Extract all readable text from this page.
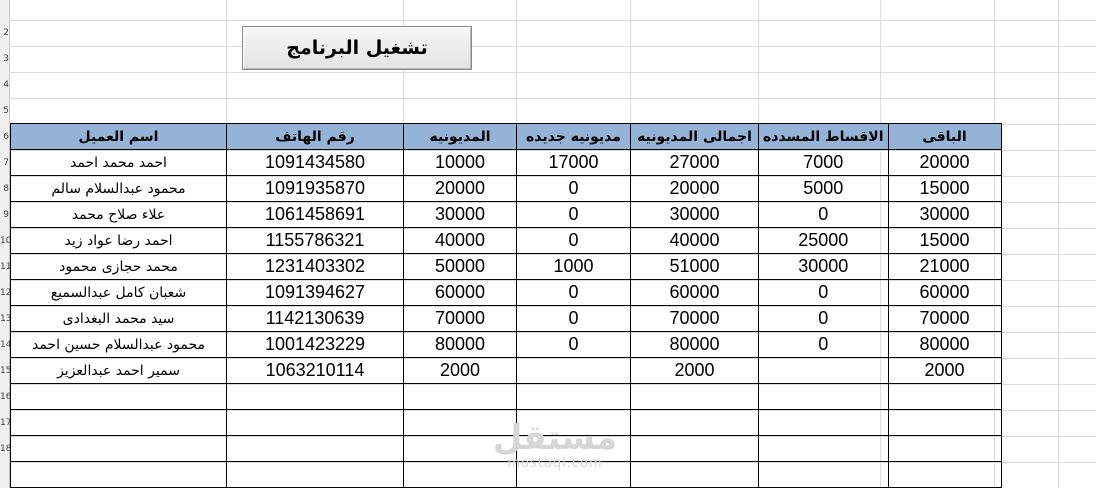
2
3
4
5
6
7
8
9
10
11
12
13
14
15
16
17
18
تشغيل البرنامج
اسم العميل	رقم الهاتف	المديونيه	مديونيه جديده	اجمالى المديونيه	الاقساط المسدده	الباقى
احمد محمد احمد	1091434580	10000	17000	27000	7000	20000
محمود عبدالسلام سالم	1091935870	20000	0	20000	5000	15000
علاء صلاح محمد	1061458691	30000	0	30000	0	30000
احمد رضا عواد زيد	1155786321	40000	0	40000	25000	15000
محمد حجازى محمود	1231403302	50000	1000	51000	30000	21000
شعبان كامل عبدالسميع	1091394627	60000	0	60000	0	60000
سيد محمد البغدادى	1142130639	70000	0	70000	0	70000
محمود عبدالسلام حسين احمد	1001423229	80000	0	80000	0	80000
سمير احمد عبدالعزيز	1063210114	2000		2000		2000

مستقل
mostaql.com
